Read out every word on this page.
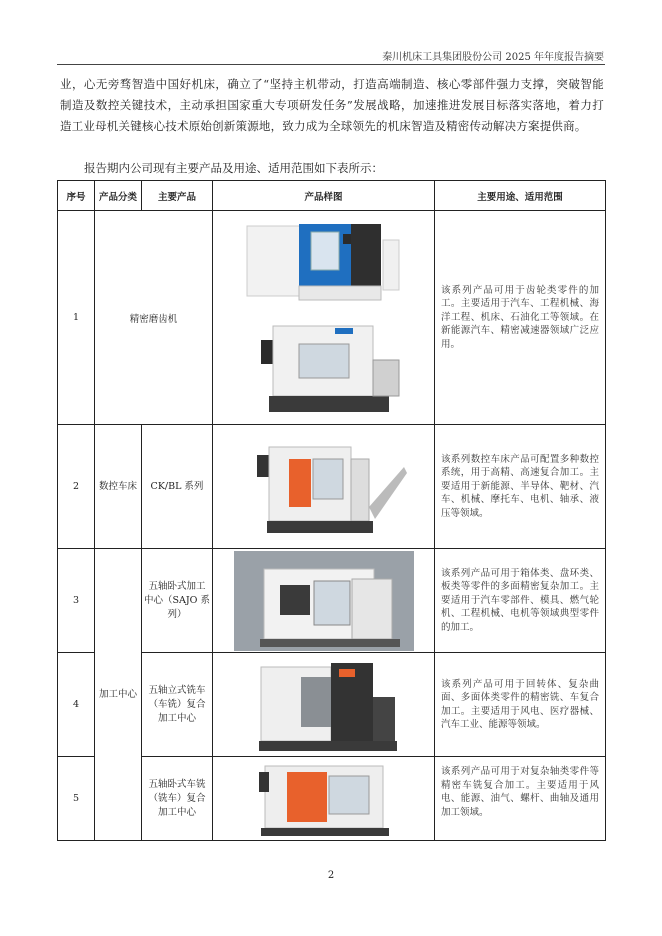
秦川机床工具集团股份公司 2025 年年度报告摘要
业，心无旁骛智造中国好机床，确立了“坚持主机带动，打造高端制造、核心零部件强力支撑，突破智能制造及数控关键技术，主动承担国家重大专项研发任务”发展战略，加速推进发展目标落实落地，着力打造工业母机关键核心技术原始创新策源地，致力成为全球领先的机床智造及精密传动解决方案提供商。
报告期内公司现有主要产品及用途、适用范围如下表所示：
序号	产品分类	主要产品	产品样图	主要用途、适用范围
1	精密磨齿机			该系列产品可用于齿轮类零件的加工。主要适用于汽车、工程机械、海洋工程、机床、石油化工等领域。在新能源汽车、精密减速器领域广泛应用。
2	数控车床	CK/BL 系列		该系列数控车床产品可配置多种数控系统，用于高精、高速复合加工。主要适用于新能源、半导体、靶材、汽车、机械、摩托车、电机、轴承、液压等领域。
3	加工中心	五轴卧式加工中心（SAJO 系列）		该系列产品可用于箱体类、盘环类、板类等零件的多面精密复杂加工。主要适用于汽车零部件、模具、燃气轮机、工程机械、电机等领域典型零件的加工。
4		五轴立式铣车（车铣）复合加工中心		该系列产品可用于回转体、复杂曲面、多面体类零件的精密铣、车复合加工。主要适用于风电、医疗器械、汽车工业、能源等领域。
5		五轴卧式车铣（铣车）复合加工中心		该系列产品可用于对复杂轴类零件等精密车铣复合加工。主要适用于风电、能源、油气、螺杆、曲轴及通用加工领域。
2
